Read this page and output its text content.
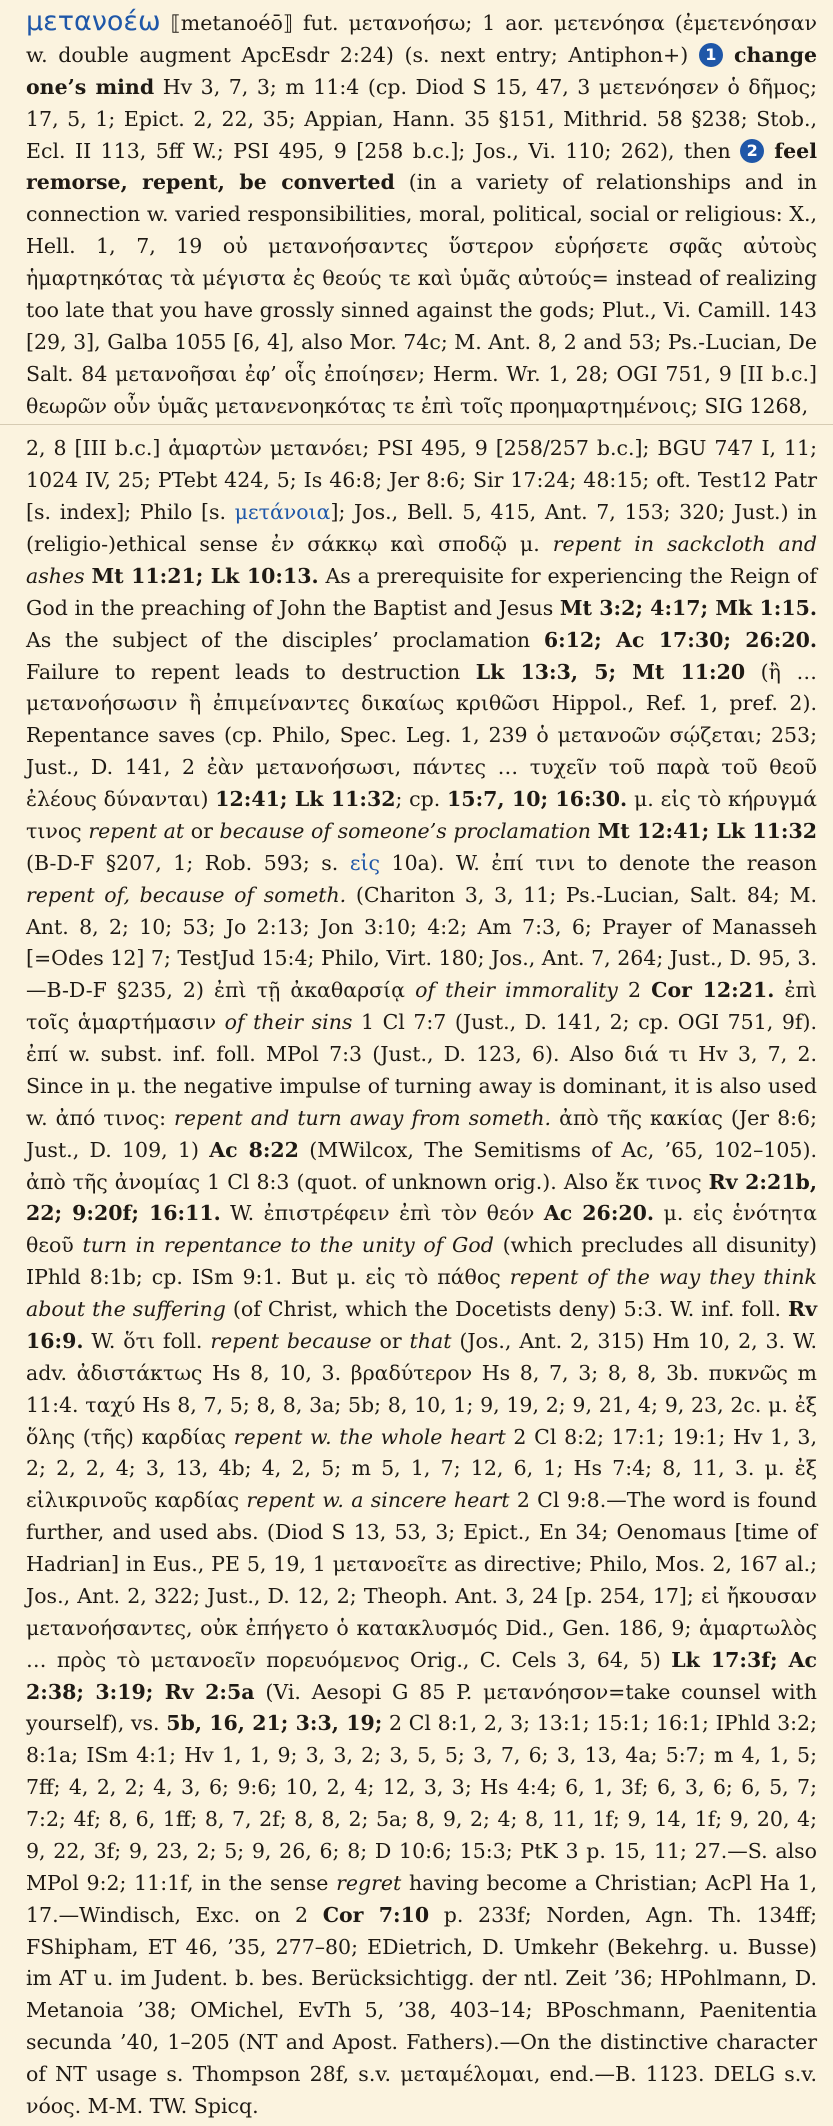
μετανοέω ⟦metanoéō⟧ fut. μετανοήσω; 1 aor. μετενόησα (ἐμετενόησαν w. double augment ApcEsdr 2:24) (s. next entry; Antiphon+) 1 change one’s mind Hv 3, 7, 3; m 11:4 (cp. Diod S 15, 47, 3 μετενόησεν ὁ δῆμος; 17, 5, 1; Epict. 2, 22, 35; Appian, Hann. 35 §151, Mithrid. 58 §238; Stob., Ecl. II 113, 5ff W.; PSI 495, 9 [258 b.c.]; Jos., Vi. 110; 262), then 2 feel remorse, repent, be converted (in a variety of relationships and in connection w. varied responsibilities, moral, political, social or religious: X., Hell. 1, 7, 19 οὐ μετανοήσαντες ὕστερον εὑρήσετε σφᾶς αὐτοὺς ἡμαρτηκότας τὰ μέγιστα ἐς θεούς τε καὶ ὑμᾶς αὐτούς= instead of realizing too late that you have grossly sinned against the gods; Plut., Vi. Camill. 143 [29, 3], Galba 1055 [6, 4], also Mor. 74c; M. Ant. 8, 2 and 53; Ps.-Lucian, De Salt. 84 μετανοῆσαι ἐφ’ οἷς ἐποίησεν; Herm. Wr. 1, 28; OGI 751, 9 [II b.c.] θεωρῶν οὖν ὑμᾶς μετανενοηκότας τε ἐπὶ τοῖς προημαρτημένοις; SIG 1268,
2, 8 [III b.c.] ἁμαρτὼν μετανόει; PSI 495, 9 [258/257 b.c.]; BGU 747 I, 11; 1024 IV, 25; PTebt 424, 5; Is 46:8; Jer 8:6; Sir 17:24; 48:15; oft. Test12 Patr [s. index]; Philo [s. μετάνοια]; Jos., Bell. 5, 415, Ant. 7, 153; 320; Just.) in (religio-)ethical sense ἐν σάκκῳ καὶ σποδῷ μ. repent in sackcloth and ashes Mt 11:21; Lk 10:13. As a prerequisite for experiencing the Reign of God in the preaching of John the Baptist and Jesus Mt 3:2; 4:17; Mk 1:15. As the subject of the disciples’ proclamation 6:12; Ac 17:30; 26:20. Failure to repent leads to destruction Lk 13:3, 5; Mt 11:20 (ἢ … μετανοήσωσιν ἢ ἐπιμείναντες δικαίως κριθῶσι Hippol., Ref. 1, pref. 2). Repentance saves (cp. Philo, Spec. Leg. 1, 239 ὁ μετανοῶν σῴζεται; 253; Just., D. 141, 2 ἐὰν μετανοήσωσι, πάντες … τυχεῖν τοῦ παρὰ τοῦ θεοῦ ἐλέους δύνανται) 12:41; Lk 11:32; cp. 15:7, 10; 16:30. μ. εἰς τὸ κήρυγμά τινος repent at or because of someone’s proclamation Mt 12:41; Lk 11:32 (B-D-F §207, 1; Rob. 593; s. εἰς 10a). W. ἐπί τινι to denote the reason repent of, because of someth. (Chariton 3, 3, 11; Ps.-Lucian, Salt. 84; M. Ant. 8, 2; 10; 53; Jo 2:13; Jon 3:10; 4:2; Am 7:3, 6; Prayer of Manasseh [=Odes 12] 7; TestJud 15:4; Philo, Virt. 180; Jos., Ant. 7, 264; Just., D. 95, 3.—B-D-F §235, 2) ἐπὶ τῇ ἀκαθαρσίᾳ of their immorality 2 Cor 12:21. ἐπὶ τοῖς ἁμαρτήμασιν of their sins 1 Cl 7:7 (Just., D. 141, 2; cp. OGI 751, 9f). ἐπί w. subst. inf. foll. MPol 7:3 (Just., D. 123, 6). Also διά τι Hv 3, 7, 2. Since in μ. the negative impulse of turning away is dominant, it is also used w. ἀπό τινος: repent and turn away from someth. ἀπὸ τῆς κακίας (Jer 8:6; Just., D. 109, 1) Ac 8:22 (MWilcox, The Semitisms of Ac, ’65, 102–105). ἀπὸ τῆς ἀνομίας 1 Cl 8:3 (quot. of unknown orig.). Also ἔκ τινος Rv 2:21b, 22; 9:20f; 16:11. W. ἐπιστρέφειν ἐπὶ τὸν θεόν Ac 26:20. μ. εἰς ἑνότητα θεοῦ turn in repentance to the unity of God (which precludes all disunity) IPhld 8:1b; cp. ISm 9:1. But μ. εἰς τὸ πάθος repent of the way they think about the suffering (of Christ, which the Docetists deny) 5:3. W. inf. foll. Rv 16:9. W. ὅτι foll. repent because or that (Jos., Ant. 2, 315) Hm 10, 2, 3. W. adv. ἀδιστάκτως Hs 8, 10, 3. βραδύτερον Hs 8, 7, 3; 8, 8, 3b. πυκνῶς m 11:4. ταχύ Hs 8, 7, 5; 8, 8, 3a; 5b; 8, 10, 1; 9, 19, 2; 9, 21, 4; 9, 23, 2c. μ. ἐξ ὅλης (τῆς) καρδίας repent w. the whole heart 2 Cl 8:2; 17:1; 19:1; Hv 1, 3, 2; 2, 2, 4; 3, 13, 4b; 4, 2, 5; m 5, 1, 7; 12, 6, 1; Hs 7:4; 8, 11, 3. μ. ἐξ εἰλικρινοῦς καρδίας repent w. a sincere heart 2 Cl 9:8.—The word is found further, and used abs. (Diod S 13, 53, 3; Epict., En 34; Oenomaus [time of Hadrian] in Eus., PE 5, 19, 1 μετανοεῖτε as directive; Philo, Mos. 2, 167 al.; Jos., Ant. 2, 322; Just., D. 12, 2; Theoph. Ant. 3, 24 [p. 254, 17]; εἰ ἤκουσαν μετανοήσαντες, οὐκ ἐπήγετο ὁ κατακλυσμός Did., Gen. 186, 9; ἁμαρτωλὸς … πρὸς τὸ μετανοεῖν πορευόμενος Orig., C. Cels 3, 64, 5) Lk 17:3f; Ac 2:38; 3:19; Rv 2:5a (Vi. Aesopi G 85 P. μετανόησον=take counsel with yourself), vs. 5b, 16, 21; 3:3, 19; 2 Cl 8:1, 2, 3; 13:1; 15:1; 16:1; IPhld 3:2; 8:1a; ISm 4:1; Hv 1, 1, 9; 3, 3, 2; 3, 5, 5; 3, 7, 6; 3, 13, 4a; 5:7; m 4, 1, 5; 7ff; 4, 2, 2; 4, 3, 6; 9:6; 10, 2, 4; 12, 3, 3; Hs 4:4; 6, 1, 3f; 6, 3, 6; 6, 5, 7; 7:2; 4f; 8, 6, 1ff; 8, 7, 2f; 8, 8, 2; 5a; 8, 9, 2; 4; 8, 11, 1f; 9, 14, 1f; 9, 20, 4; 9, 22, 3f; 9, 23, 2; 5; 9, 26, 6; 8; D 10:6; 15:3; PtK 3 p. 15, 11; 27.—S. also MPol 9:2; 11:1f, in the sense regret having become a Christian; AcPl Ha 1, 17.—Windisch, Exc. on 2 Cor 7:10 p. 233f; Norden, Agn. Th. 134ff; FShipham, ET 46, ’35, 277–80; EDietrich, D. Umkehr (Bekehrg. u. Busse) im AT u. im Judent. b. bes. Berücksichtigg. der ntl. Zeit ’36; HPohlmann, D. Metanoia ’38; OMichel, EvTh 5, ’38, 403–14; BPoschmann, Paenitentia secunda ’40, 1–205 (NT and Apost. Fathers).—On the distinctive character of NT usage s. Thompson 28f, s.v. μεταμέλομαι, end.—B. 1123. DELG s.v. νόος. M-M. TW. Spicq.
